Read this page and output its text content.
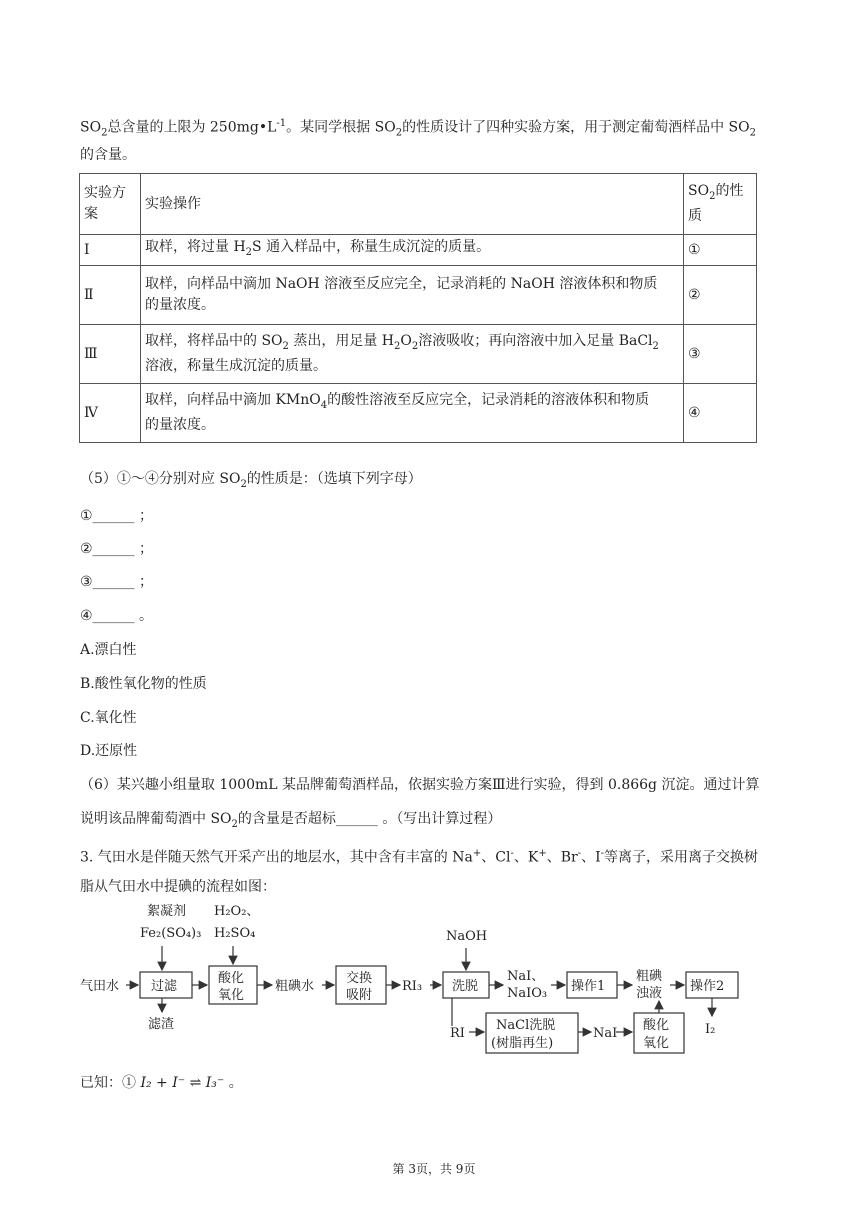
$SO_2$总含量的上限为 $250mg•L^{-1}$。某同学根据 $SO_2$的性质设计了四种实验方案，用于测定葡萄酒样品中 $SO_2$

的含量。

实验方
案	实验操作	$SO_2$的性质
Ⅰ	取样，将过量 $H_2S$ 通入样品中，称量生成沉淀的质量。	①
Ⅱ	取样，向样品中滴加 NaOH 溶液至反应完全，记录消耗的 NaOH 溶液体积和物质
的量浓度。	②
Ⅲ	取样，将样品中的 $SO_2$ 蒸出，用足量 $H_2O_2$溶液吸收；再向溶液中加入足量 BaCl$_2$
溶液，称量生成沉淀的质量。	③
Ⅳ	取样，向样品中滴加 KMnO$_4$的酸性溶液至反应完全，记录消耗的溶液体积和物质
的量浓度。	④

（5）①～④分别对应 $SO_2$的性质是：（选填下列字母）

①______ ；

②______ ；

③______ ；

④______ 。

A.漂白性

B.酸性氧化物的性质

C.氧化性

D.还原性

（6）某兴趣小组量取 1000mL 某品牌葡萄酒样品，依据实验方案Ⅲ进行实验，得到 0.866g 沉淀。通过计算

说明该品牌葡萄酒中 $SO_2$的含量是否超标______ 。（写出计算过程）

3. 气田水是伴随天然气开采产出的地层水，其中含有丰富的 Na+、Cl-、K+、Br-、I-等离子，采用离子交换树

脂从气田水中提碘的流程如图：

絮凝剂
Fe₂(SO₄)₃
H₂O₂、
H₂SO₄	NaOH
气田水 过滤
酸化
氧化
粗碘水
交换
吸附
RI₃ 洗脱
NaI、
NaIO₃ 操作1
粗碘
浊液 操作2
滤渣
RI
NaCl洗脱
(树脂再生)
NaI
酸化
氧化
I₂

已知：① I₂ + I⁻ ⇌ I₃⁻ 。

第 3页，共 9页
